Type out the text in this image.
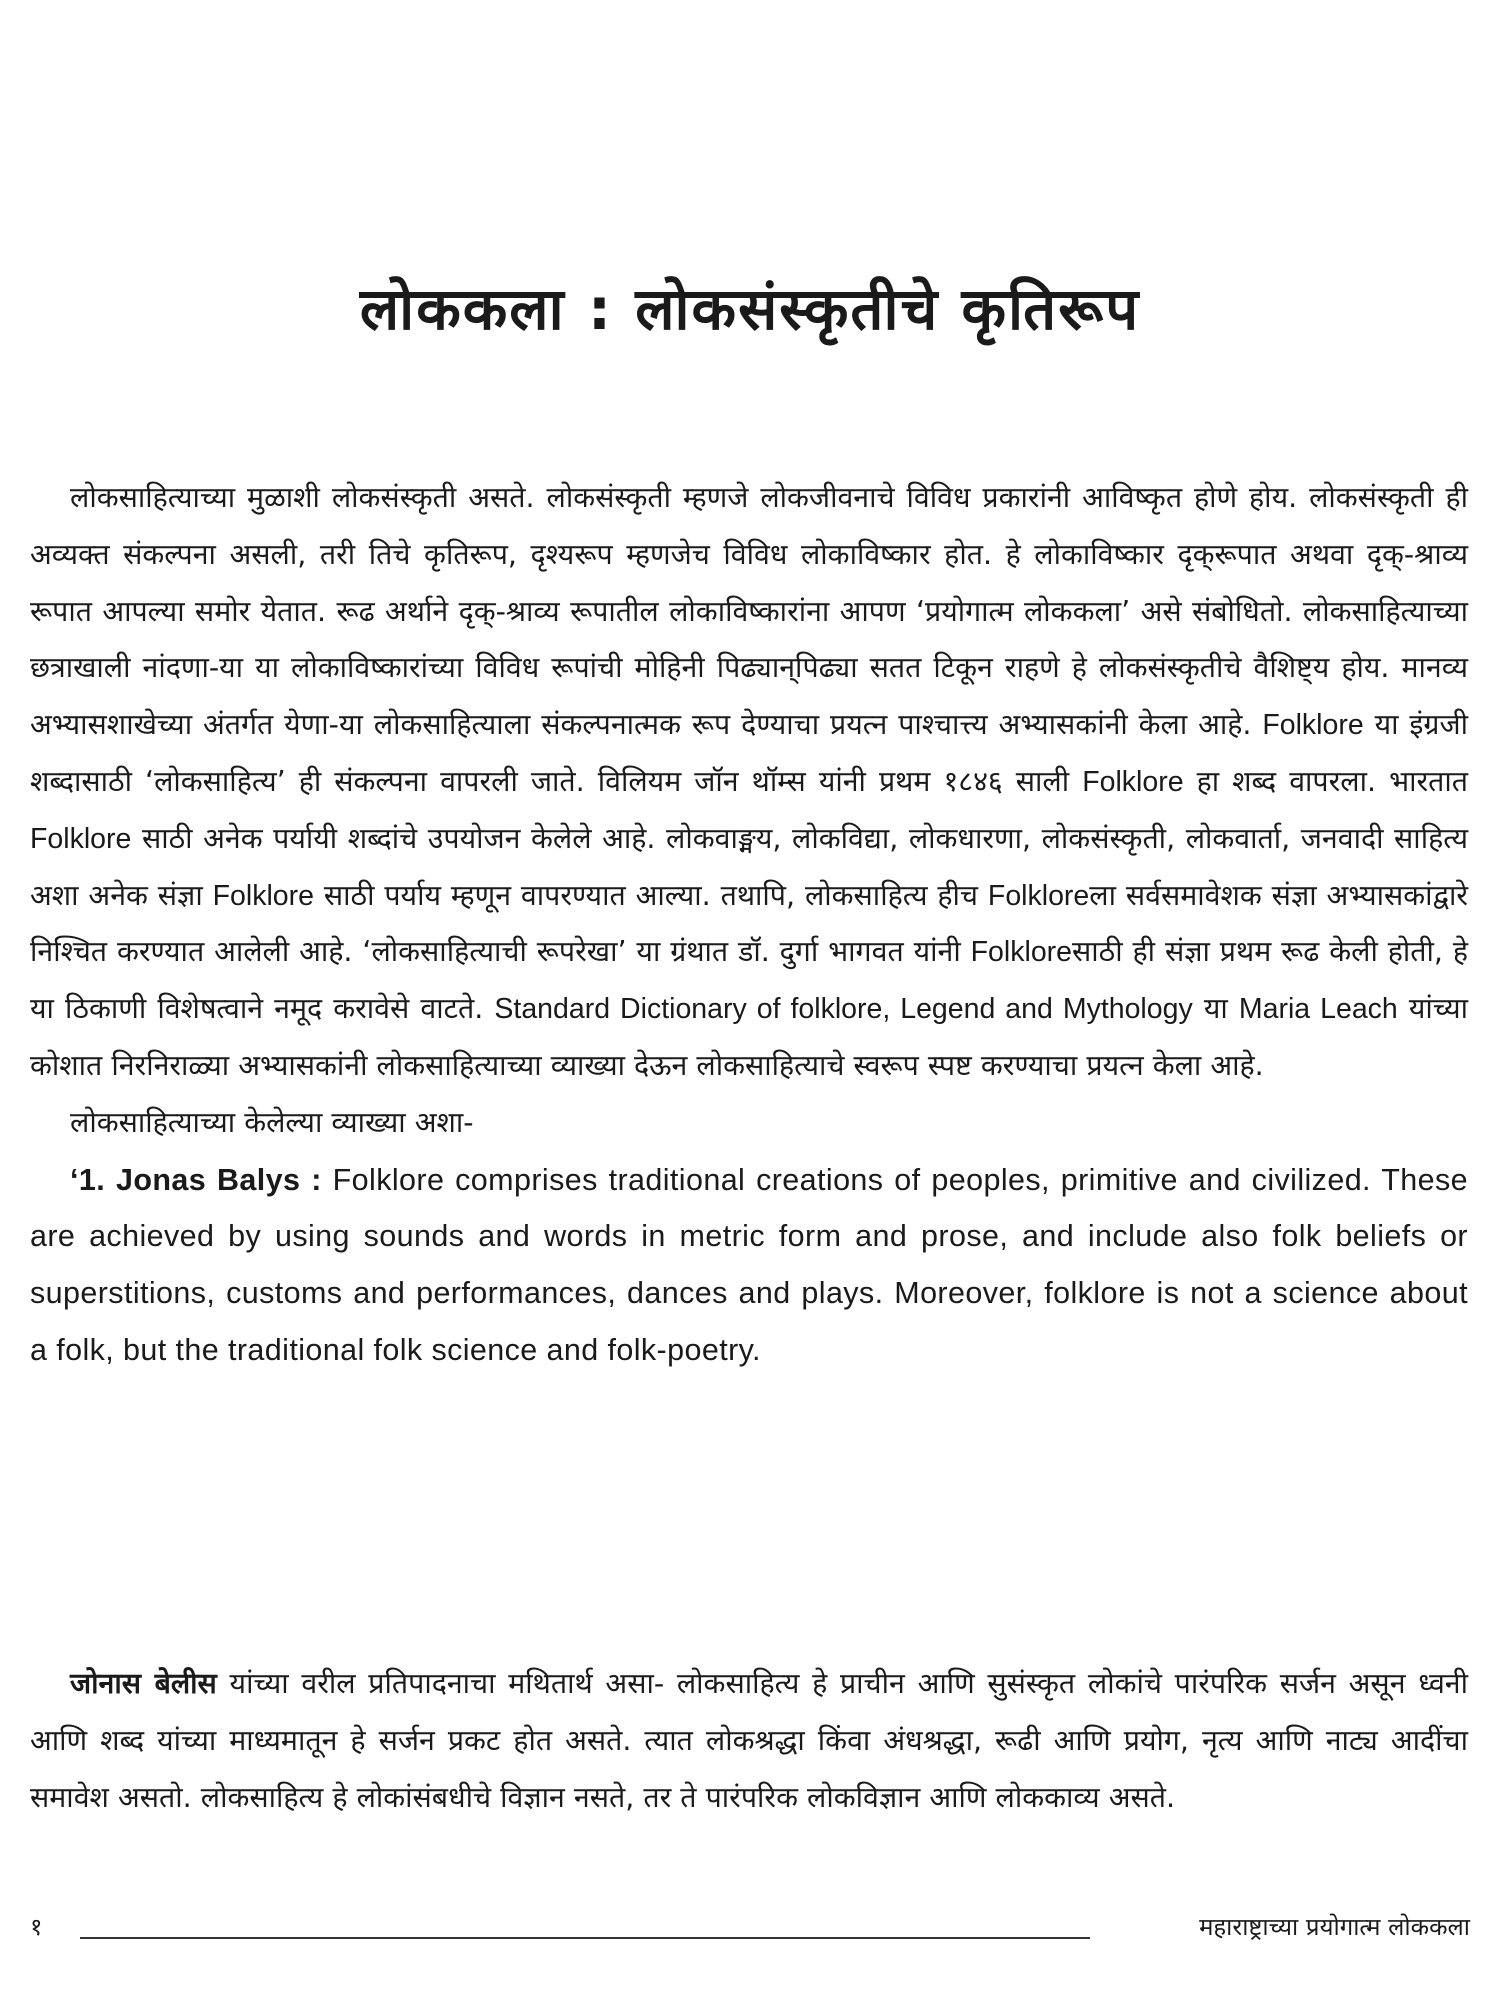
लोककला : लोकसंस्कृतीचे कृतिरूप

लोकसाहित्याच्या मुळाशी लोकसंस्कृती असते. लोकसंस्कृती म्हणजे लोकजीवनाचे विविध प्रकारांनी आविष्कृत होणे होय. लोकसंस्कृती ही अव्यक्त संकल्पना असली, तरी तिचे कृतिरूप, दृश्यरूप म्हणजेच विविध लोकाविष्कार होत. हे लोकाविष्कार दृक्‌रूपात अथवा दृक्-श्राव्य रूपात आपल्या समोर येतात. रूढ अर्थाने दृक्-श्राव्य रूपातील लोकाविष्कारांना आपण ‘प्रयोगात्म लोककला’ असे संबोधितो. लोकसाहित्याच्या छत्राखाली नांदणा-या या लोकाविष्कारांच्या विविध रूपांची मोहिनी पिढ्यान्‌पिढ्या सतत टिकून राहणे हे लोकसंस्कृतीचे वैशिष्ट्य होय. मानव्य अभ्यासशाखेच्या अंतर्गत येणा-या लोकसाहित्याला संकल्पनात्मक रूप देण्याचा प्रयत्न पाश्चात्त्य अभ्यासकांनी केला आहे. Folklore या इंग्रजी शब्दासाठी ‘लोकसाहित्य’ ही संकल्पना वापरली जाते. विलियम जॉन थॉम्स यांनी प्रथम १८४६ साली Folklore हा शब्द वापरला. भारतात Folklore साठी अनेक पर्यायी शब्दांचे उपयोजन केलेले आहे. लोकवाङ्मय, लोकविद्या, लोकधारणा, लोकसंस्कृती, लोकवार्ता, जनवादी साहित्य अशा अनेक संज्ञा Folklore साठी पर्याय म्हणून वापरण्यात आल्या. तथापि, लोकसाहित्य हीच Folkloreला सर्वसमावेशक संज्ञा अभ्यासकांद्वारे निश्चित करण्यात आलेली आहे. ‘लोकसाहित्याची रूपरेखा’ या ग्रंथात डॉ. दुर्गा भागवत यांनी Folkloreसाठी ही संज्ञा प्रथम रूढ केली होती, हे या ठिकाणी विशेषत्वाने नमूद करावेसे वाटते. Standard Dictionary of folklore, Legend and Mythology या Maria Leach यांच्या कोशात निरनिराळ्या अभ्यासकांनी लोकसाहित्याच्या व्याख्या देऊन लोकसाहित्याचे स्वरूप स्पष्ट करण्याचा प्रयत्न केला आहे.

लोकसाहित्याच्या केलेल्या व्याख्या अशा-

‘1. Jonas Balys : Folklore comprises traditional creations of peoples, primitive and civilized. These are achieved by using sounds and words in metric form and prose, and include also folk beliefs or superstitions, customs and performances, dances and plays. Moreover, folklore is not a science about a folk, but the traditional folk science and folk-poetry.

जोनास बेलीस यांच्या वरील प्रतिपादनाचा मथितार्थ असा- लोकसाहित्य हे प्राचीन आणि सुसंस्कृत लोकांचे पारंपरिक सर्जन असून ध्वनी आणि शब्द यांच्या माध्यमातून हे सर्जन प्रकट होत असते. त्यात लोकश्रद्धा किंवा अंधश्रद्धा, रूढी आणि प्रयोग, नृत्य आणि नाट्य आदींचा समावेश असतो. लोकसाहित्य हे लोकांसंबधीचे विज्ञान नसते, तर ते पारंपरिक लोकविज्ञान आणि लोककाव्य असते.

१	महाराष्ट्राच्या प्रयोगात्म लोककला
